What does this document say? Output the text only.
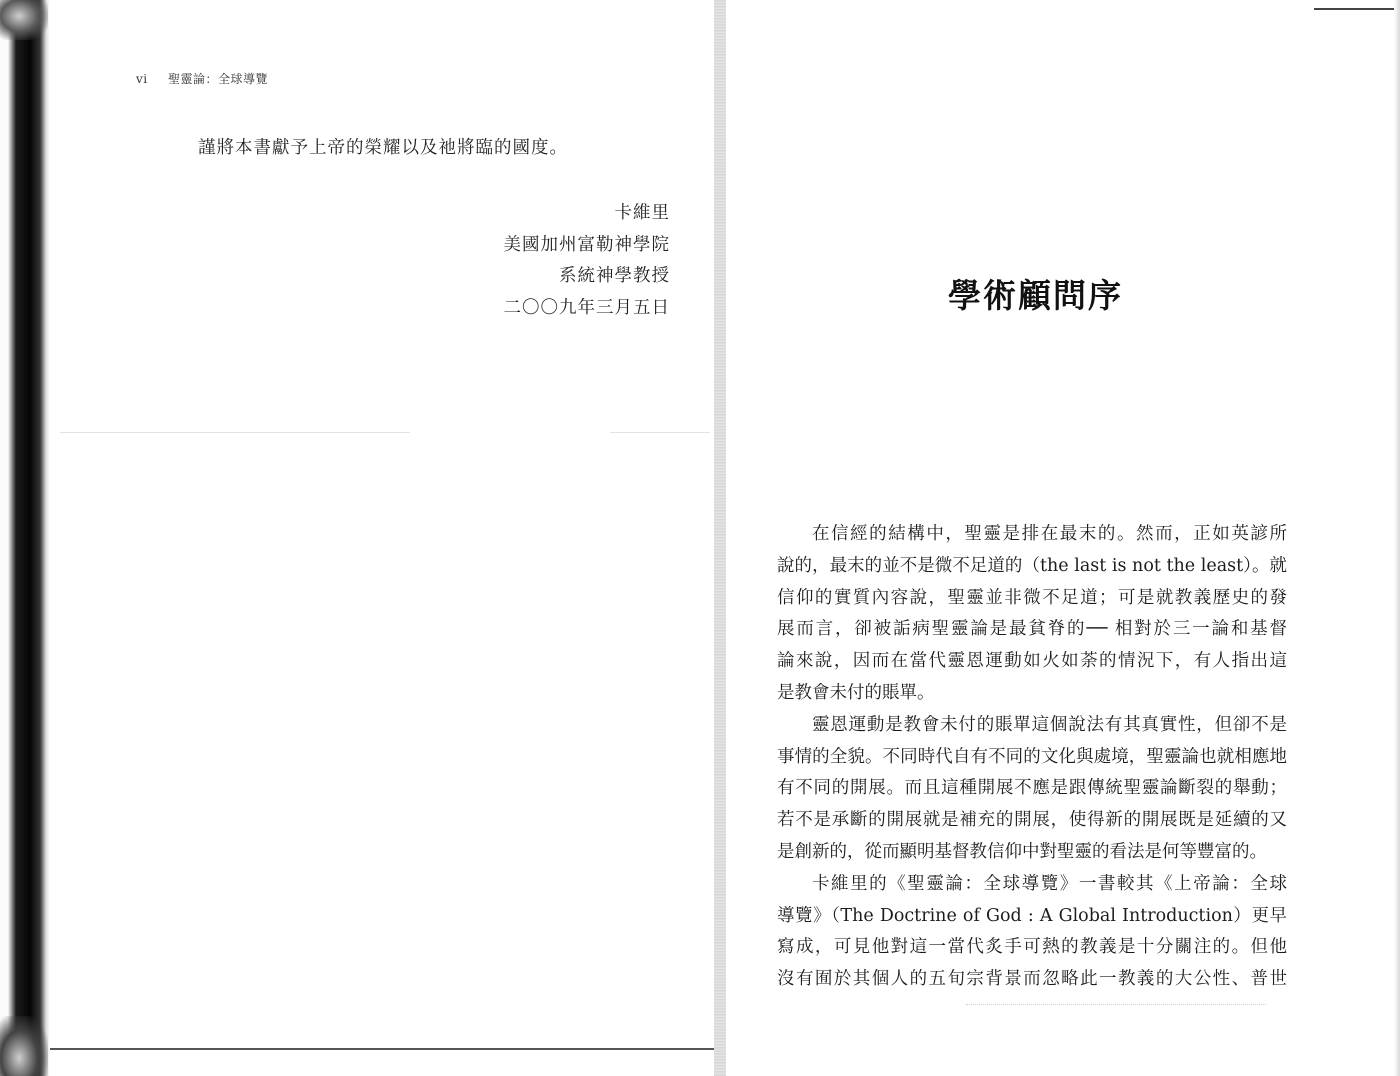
vi 聖靈論：全球導覽
謹將本書獻予上帝的榮耀以及祂將臨的國度。
卡維里
美國加州富勒神學院
系統神學教授
二〇〇九年三月五日	學術顧問序
在信經的結構中，聖靈是排在最末的。然而，正如英諺所
說的，最末的並不是微不足道的（the last is not the least）。就
信仰的實質內容說，聖靈並非微不足道；可是就教義歷史的發
展而言，卻被詬病聖靈論是最貧脊的── 相對於三一論和基督
論來說，因而在當代靈恩運動如火如荼的情況下，有人指出這
是教會未付的賬單。
靈恩運動是教會未付的賬單這個說法有其真實性，但卻不是
事情的全貌。不同時代自有不同的文化與處境，聖靈論也就相應地
有不同的開展。而且這種開展不應是跟傳統聖靈論斷裂的舉動；
若不是承斷的開展就是補充的開展，使得新的開展既是延續的又
是創新的，從而顯明基督教信仰中對聖靈的看法是何等豐富的。
卡維里的《聖靈論：全球導覽》一書較其《上帝論：全球
導覽》（The Doctrine of God : A Global Introduction）更早
寫成，可見他對這一當代炙手可熱的教義是十分關注的。但他
沒有囿於其個人的五旬宗背景而忽略此一教義的大公性、普世
